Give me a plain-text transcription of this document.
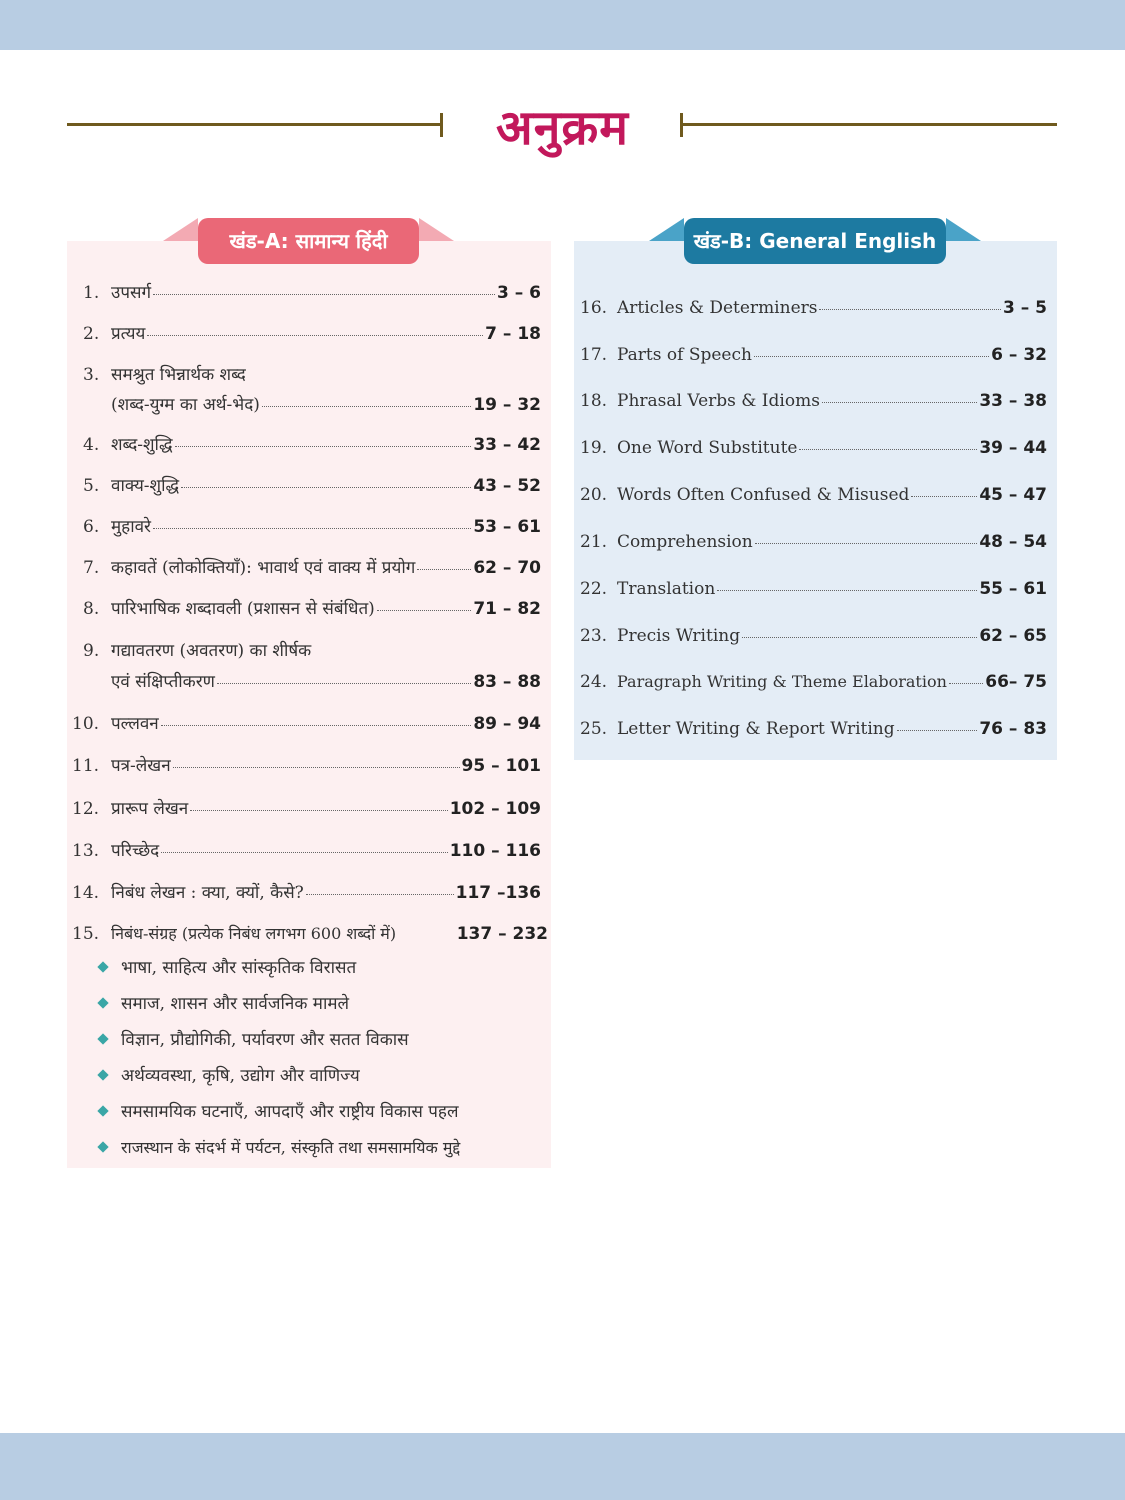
अनुक्रम
खंड-A: सामान्य हिंदी	खंड-B: General English
1. उपसर्ग	3 – 6
2. प्रत्यय	7 – 18
3. समश्रुत भिन्नार्थक शब्द
(शब्द-युग्म का अर्थ-भेद)	19 – 32
4. शब्द-शुद्धि	33 – 42
5. वाक्य-शुद्धि	43 – 52
6. मुहावरे	53 – 61
7. कहावतें (लोकोक्तियाँ): भावार्थ एवं वाक्य में प्रयोग	62 – 70
8. पारिभाषिक शब्दावली (प्रशासन से संबंधित)	71 – 82
9. गद्यावतरण (अवतरण) का शीर्षक
एवं संक्षिप्तीकरण	83 – 88
10. पल्लवन	89 – 94
11. पत्र-लेखन	95 – 101
12. प्रारूप लेखन	102 – 109
13. परिच्छेद	110 – 116
14. निबंध लेखन : क्या, क्यों, कैसे?	117 –136
15. निबंध-संग्रह (प्रत्येक निबंध लगभग 600 शब्दों में)	137 – 232
भाषा, साहित्य और सांस्कृतिक विरासत
समाज, शासन और सार्वजनिक मामले
विज्ञान, प्रौद्योगिकी, पर्यावरण और सतत विकास
अर्थव्यवस्था, कृषि, उद्योग और वाणिज्य
समसामयिक घटनाएँ, आपदाएँ और राष्ट्रीय विकास पहल
राजस्थान के संदर्भ में पर्यटन, संस्कृति तथा समसामयिक मुद्दे
16. Articles & Determiners	3 – 5
17. Parts of Speech	6 – 32
18. Phrasal Verbs & Idioms	33 – 38
19. One Word Substitute	39 – 44
20. Words Often Confused & Misused	45 – 47
21. Comprehension	48 – 54
22. Translation	55 – 61
23. Precis Writing	62 – 65
24. Paragraph Writing & Theme Elaboration 66– 75
25. Letter Writing & Report Writing	76 – 83
